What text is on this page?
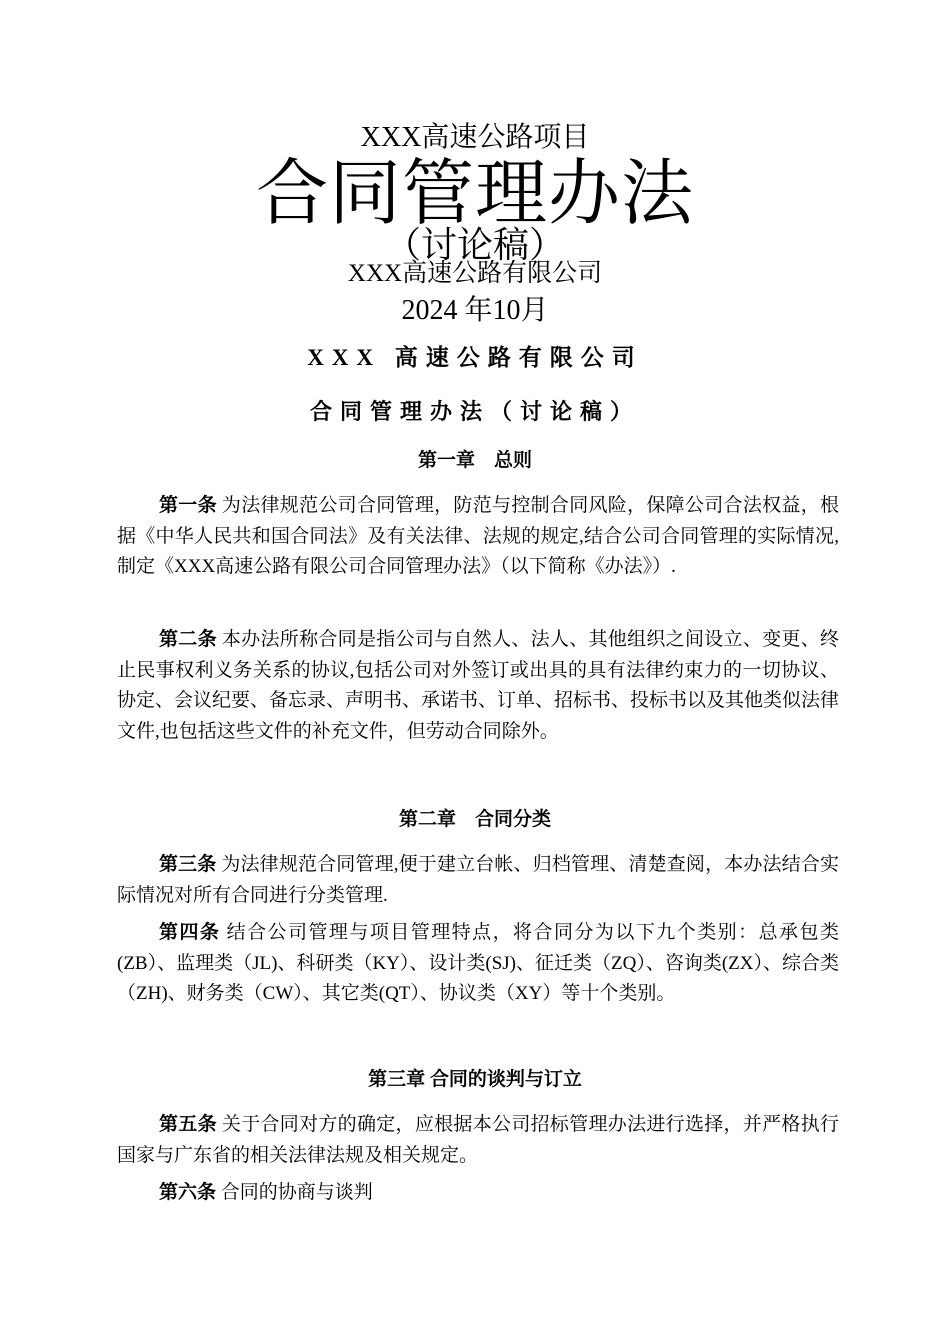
XXX高速公路项目
合同管理办法
（讨论稿）
XXX高速公路有限公司
2024 年10月
XXX 高速公路有限公司
合同管理办法（讨论稿）
第一章　总则

第一条 为法律规范公司合同管理，防范与控制合同风险，保障公司合法权益，根据《中华人民共和国合同法》及有关法律、法规的规定,结合公司合同管理的实际情况,制定《XXX高速公路有限公司合同管理办法》（以下简称《办法》）.

第二条 本办法所称合同是指公司与自然人、法人、其他组织之间设立、变更、终止民事权利义务关系的协议,包括公司对外签订或出具的具有法律约束力的一切协议、协定、会议纪要、备忘录、声明书、承诺书、订单、招标书、投标书以及其他类似法律文件,也包括这些文件的补充文件，但劳动合同除外。

第二章　合同分类

第三条 为法律规范合同管理,便于建立台帐、归档管理、清楚查阅，本办法结合实际情况对所有合同进行分类管理.

第四条 结合公司管理与项目管理特点，将合同分为以下九个类别：总承包类(ZB）、监理类（JL)、科研类（KY）、设计类(SJ)、征迁类（ZQ）、咨询类(ZX）、综合类（ZH)、财务类（CW）、其它类(QT）、协议类（XY）等十个类别。

第三章 合同的谈判与订立

第五条 关于合同对方的确定，应根据本公司招标管理办法进行选择，并严格执行国家与广东省的相关法律法规及相关规定。

第六条 合同的协商与谈判
